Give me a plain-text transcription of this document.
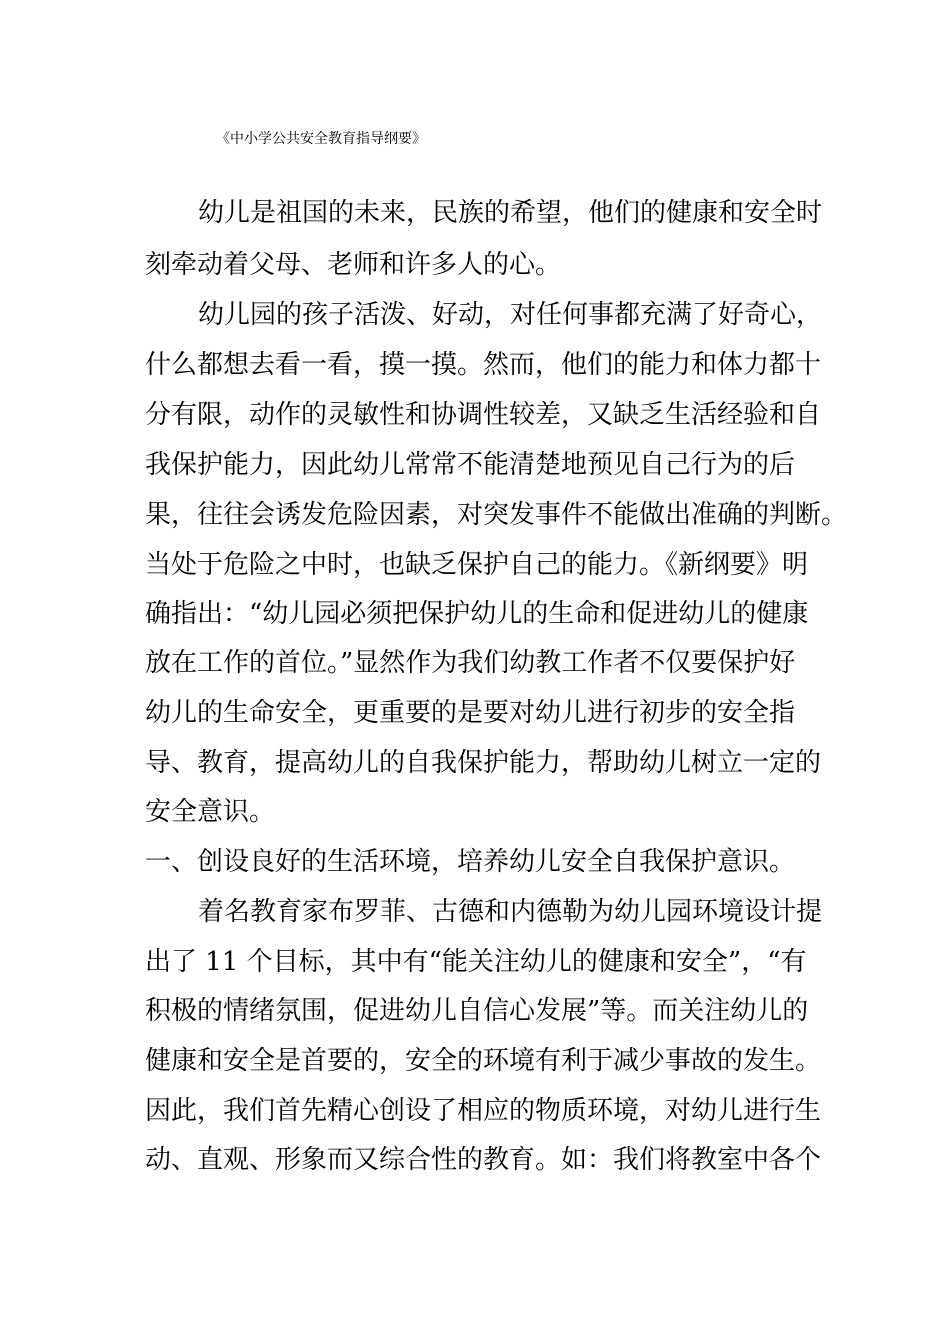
《中小学公共安全教育指导纲要》
幼儿是祖国的未来，民族的希望，他们的健康和安全时
刻牵动着父母、老师和许多人的心。
幼儿园的孩子活泼、好动，对任何事都充满了好奇心，
什么都想去看一看，摸一摸。然而，他们的能力和体力都十
分有限，动作的灵敏性和协调性较差，又缺乏生活经验和自
我保护能力，因此幼儿常常不能清楚地预见自己行为的后
果，往往会诱发危险因素，对突发事件不能做出准确的判断。
当处于危险之中时，也缺乏保护自己的能力。《新纲要》明
确指出：“幼儿园必须把保护幼儿的生命和促进幼儿的健康
放在工作的首位。”显然作为我们幼教工作者不仅要保护好
幼儿的生命安全，更重要的是要对幼儿进行初步的安全指
导、教育，提高幼儿的自我保护能力，帮助幼儿树立一定的
安全意识。
一、创设良好的生活环境，培养幼儿安全自我保护意识。
着名教育家布罗菲、古德和内德勒为幼儿园环境设计提
出了 11 个目标，其中有“能关注幼儿的健康和安全”，“有
积极的情绪氛围，促进幼儿自信心发展”等。而关注幼儿的
健康和安全是首要的，安全的环境有利于减少事故的发生。
因此，我们首先精心创设了相应的物质环境，对幼儿进行生
动、直观、形象而又综合性的教育。如：我们将教室中各个
